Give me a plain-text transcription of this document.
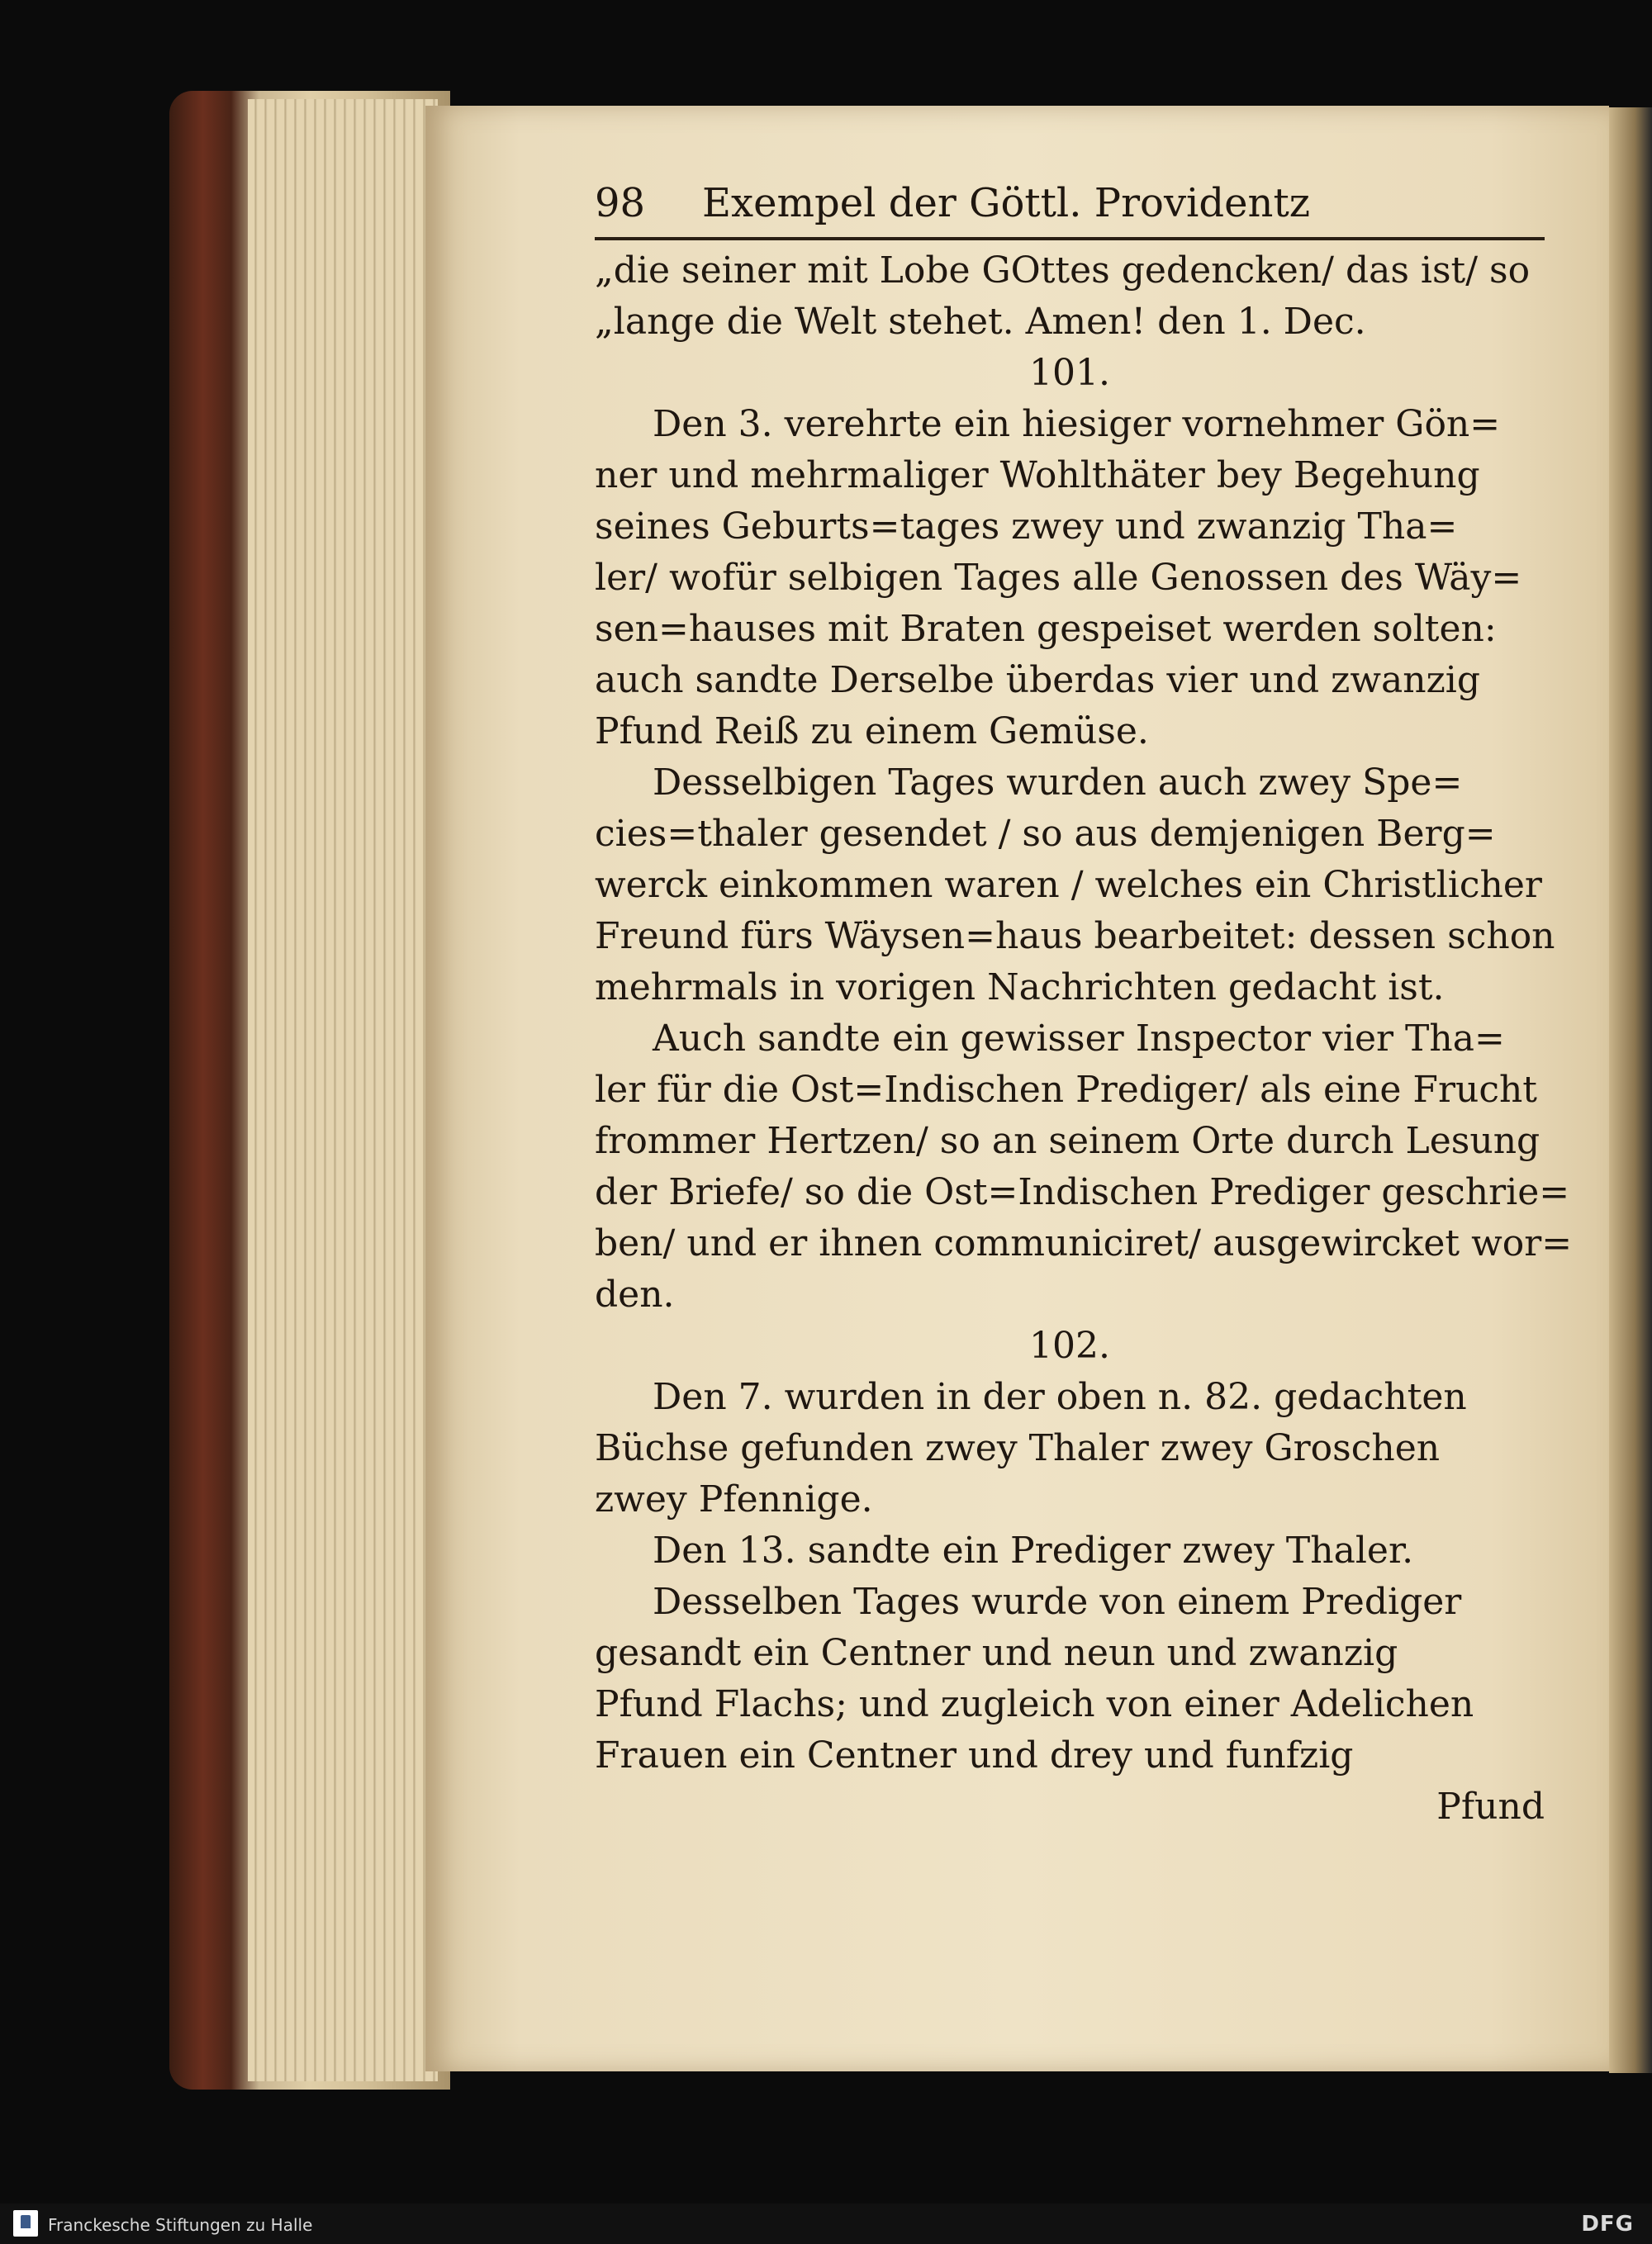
98 Exempel der Göttl. Providentz
„die seiner mit Lobe GOttes gedencken/ das ist/ so
„lange die Welt stehet. Amen! den 1. Dec.
101.
Den 3. verehrte ein hiesiger vornehmer Gön=
ner und mehrmaliger Wohlthäter bey Begehung
seines Geburts=tages zwey und zwanzig Tha=
ler/ wofür selbigen Tages alle Genossen des Wäy=
sen=hauses mit Braten gespeiset werden solten:
auch sandte Derselbe überdas vier und zwanzig
Pfund Reiß zu einem Gemüse.
Desselbigen Tages wurden auch zwey Spe=
cies=thaler gesendet / so aus demjenigen Berg=
werck einkommen waren / welches ein Christlicher
Freund fürs Wäysen=haus bearbeitet: dessen schon
mehrmals in vorigen Nachrichten gedacht ist.
Auch sandte ein gewisser Inspector vier Tha=
ler für die Ost=Indischen Prediger/ als eine Frucht
frommer Hertzen/ so an seinem Orte durch Lesung
der Briefe/ so die Ost=Indischen Prediger geschrie=
ben/ und er ihnen communiciret/ ausgewircket wor=
den.
102.
Den 7. wurden in der oben n. 82. gedachten
Büchse gefunden zwey Thaler zwey Groschen
zwey Pfennige.
Den 13. sandte ein Prediger zwey Thaler.
Desselben Tages wurde von einem Prediger
gesandt ein Centner und neun und zwanzig
Pfund Flachs; und zugleich von einer Adelichen
Frauen ein Centner und drey und funfzig
Pfund
Franckesche Stiftungen zu Halle	DFG
